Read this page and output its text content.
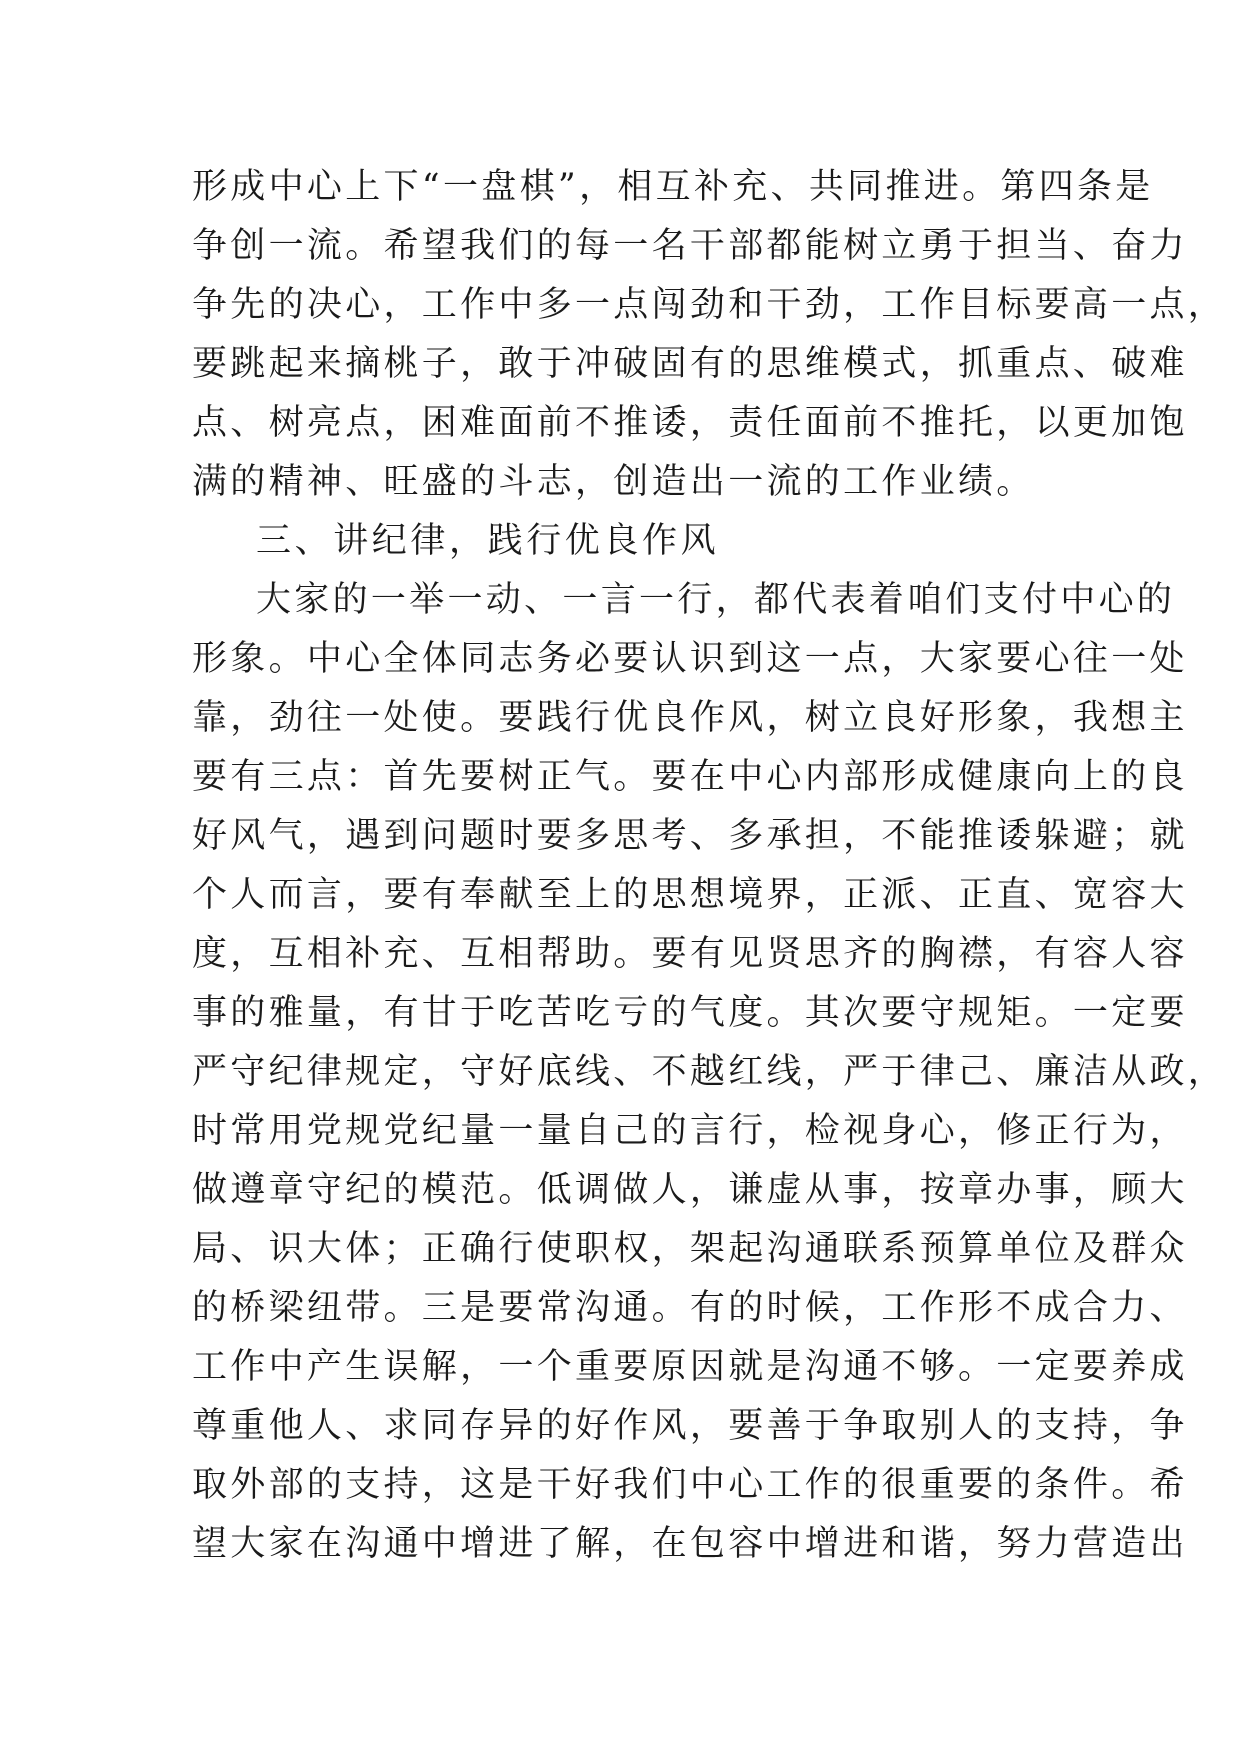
形成中心上下“一盘棋”，相互补充、共同推进。第四条是
争创一流。希望我们的每一名干部都能树立勇于担当、奋力
争先的决心，工作中多一点闯劲和干劲，工作目标要高一点，
要跳起来摘桃子，敢于冲破固有的思维模式，抓重点、破难
点、树亮点，困难面前不推诿，责任面前不推托，以更加饱
满的精神、旺盛的斗志，创造出一流的工作业绩。
三、讲纪律，践行优良作风
大家的一举一动、一言一行，都代表着咱们支付中心的
形象。中心全体同志务必要认识到这一点，大家要心往一处
靠，劲往一处使。要践行优良作风，树立良好形象，我想主
要有三点：首先要树正气。要在中心内部形成健康向上的良
好风气，遇到问题时要多思考、多承担，不能推诿躲避；就
个人而言，要有奉献至上的思想境界，正派、正直、宽容大
度，互相补充、互相帮助。要有见贤思齐的胸襟，有容人容
事的雅量，有甘于吃苦吃亏的气度。其次要守规矩。一定要
严守纪律规定，守好底线、不越红线，严于律己、廉洁从政，
时常用党规党纪量一量自己的言行，检视身心，修正行为，
做遵章守纪的模范。低调做人，谦虚从事，按章办事，顾大
局、识大体；正确行使职权，架起沟通联系预算单位及群众
的桥梁纽带。三是要常沟通。有的时候，工作形不成合力、
工作中产生误解，一个重要原因就是沟通不够。一定要养成
尊重他人、求同存异的好作风，要善于争取别人的支持，争
取外部的支持，这是干好我们中心工作的很重要的条件。希
望大家在沟通中增进了解，在包容中增进和谐，努力营造出
